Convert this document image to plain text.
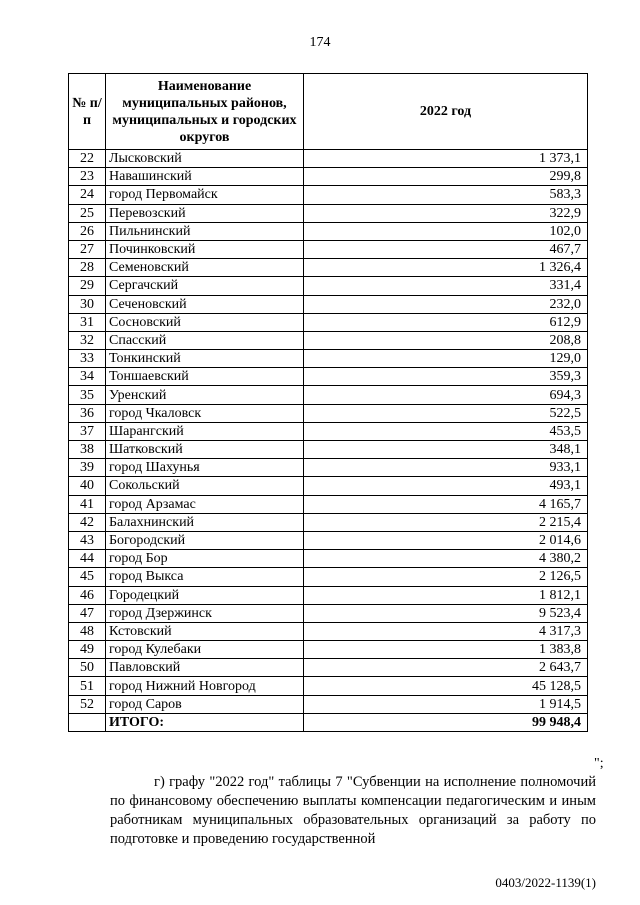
174
№ п/п	Наименование муниципальных районов, муниципальных и городских округов	2022 год
22	Лысковский	1 373,1
23	Навашинский	299,8
24	город Первомайск	583,3
25	Перевозский	322,9
26	Пильнинский	102,0
27	Починковский	467,7
28	Семеновский	1 326,4
29	Сергачский	331,4
30	Сеченовский	232,0
31	Сосновский	612,9
32	Спасский	208,8
33	Тонкинский	129,0
34	Тоншаевский	359,3
35	Уренский	694,3
36	город Чкаловск	522,5
37	Шарангский	453,5
38	Шатковский	348,1
39	город Шахунья	933,1
40	Сокольский	493,1
41	город Арзамас	4 165,7
42	Балахнинский	2 215,4
43	Богородский	2 014,6
44	город Бор	4 380,2
45	город Выкса	2 126,5
46	Городецкий	1 812,1
47	город Дзержинск	9 523,4
48	Кстовский	4 317,3
49	город Кулебаки	1 383,8
50	Павловский	2 643,7
51	город Нижний Новгород	45 128,5
52	город Саров	1 914,5
	ИТОГО:	99 948,4
";

г) графу "2022 год" таблицы 7 "Субвенции на исполнение полномочий по финансовому обеспечению выплаты компенсации педагогическим и иным работникам муниципальных образовательных организаций за работу по подготовке и проведению государственной

0403/2022-1139(1)
